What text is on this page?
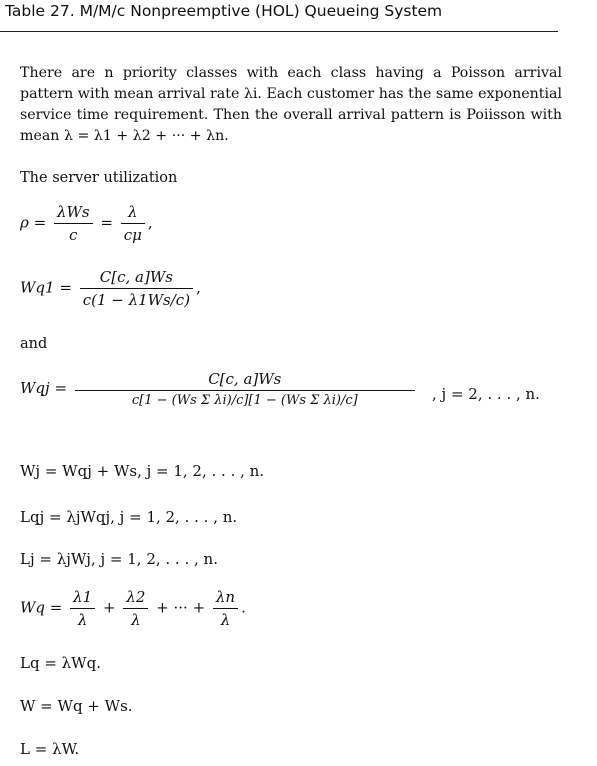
Table 27. M/M/c Nonpreemptive (HOL) Queueing System
There are n priority classes with each class having a Poisson arrival pattern with mean arrival rate λi. Each customer has the same exponential service time requirement. Then the overall arrival pattern is Poiisson with mean λ = λ1 + λ2 + ··· + λn.
The server utilization
$\rho = \frac{\text{λWs}}{c} = \frac{\lambda}{c\mu}$ ,
$Wq1 = \frac{C[c, a]Ws}{c(1 - \lambda 1Ws/c)}$ ,
and
Wqj = $\frac{C[c, a]Ws}{\text{c[1 − (Ws Σ λi)/c][1 − (Ws Σ λi)/c]}}$ , j = 2, . . . , n.
Wj = Wqj + Ws, j = 1, 2, . . . , n.
Lqj = λjWqj, j = 1, 2, . . . , n.
Lj = λjWj, j = 1, 2, . . . , n.
$Wq = \frac{\lambda 1}{\lambda} + \frac{\lambda 2}{\lambda}$ + ··· + $\frac{\lambda n}{\lambda}$ .
Lq = λWq.
W = Wq + Ws.
L = λW.
